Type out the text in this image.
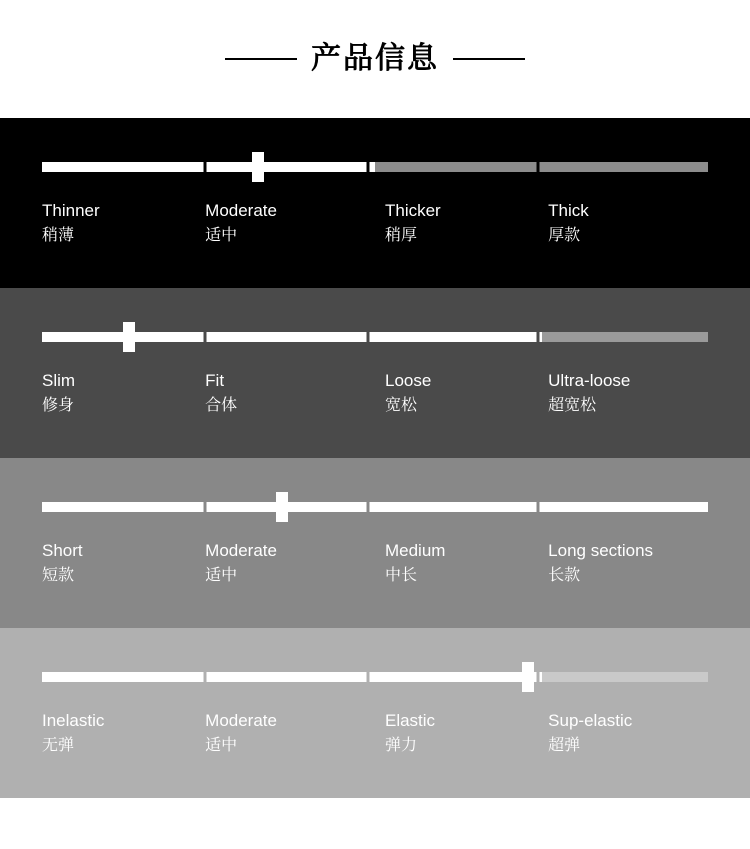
产品信息
Thinner
稍薄
Moderate
适中
Thicker
稍厚
Thick
厚款
Slim
修身
Fit
合体
Loose
宽松
Ultra-loose
超宽松
Short
短款
Moderate
适中
Medium
中长
Long sections
长款
Inelastic
无弹
Moderate
适中
Elastic
弹力
Sup-elastic
超弹
